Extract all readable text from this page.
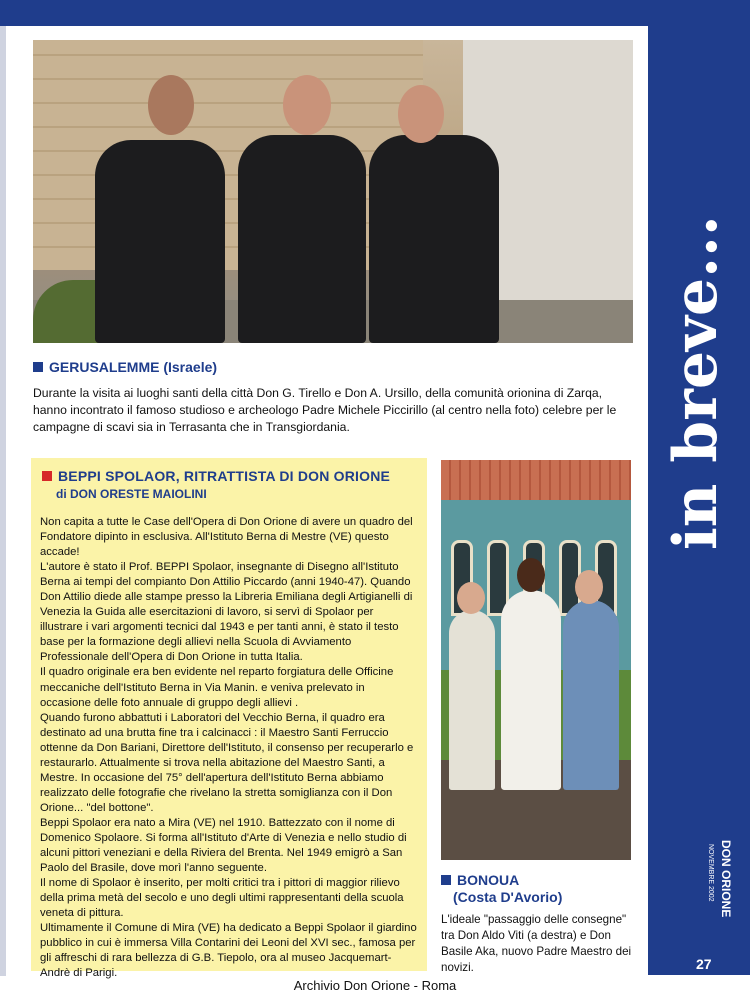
GERUSALEMME (Israele)
Durante la visita ai luoghi santi della città Don G. Tirello e Don A. Ursillo, della comunità orionina di Zarqa, hanno incontrato il famoso studioso e archeologo Padre Michele Piccirillo (al centro nella foto) celebre per le campagne di scavi sia in Terrasanta che in Transgiordania.
BEPPI SPOLAOR, RITRATTISTA DI DON ORIONE
di DON ORESTE MAIOLINI

Non capita a tutte le Case dell'Opera di Don Orione di avere un quadro del Fondatore dipinto in esclusiva. All'Istituto Berna di Mestre (VE) questo accade!

L'autore è stato il Prof. BEPPI Spolaor, insegnante di Disegno all'Istituto Berna ai tempi del compianto Don Attilio Piccardo (anni 1940-47). Quando Don Attilio diede alle stampe presso la Libreria Emiliana degli Artigianelli di Venezia la Guida alle esercitazioni di lavoro, si servì di Spolaor per illustrare i vari argomenti tecnici dal 1943 e per tanti anni, è stato il testo base per la formazione degli allievi nella Scuola di Avviamento Professionale dell'Opera di Don Orione in tutta Italia.

Il quadro originale era ben evidente nel reparto forgiatura delle Officine meccaniche dell'Istituto Berna in Via Manin. e veniva prelevato in occasione delle foto annuale di gruppo degli allievi .

Quando furono abbattuti i Laboratori del Vecchio Berna, il quadro era destinato ad una brutta fine tra i calcinacci : il Maestro Santi Ferruccio ottenne da Don Bariani, Direttore dell'Istituto, il consenso per recuperarlo e restaurarlo. Attualmente si trova nella abitazione del Maestro Santi, a Mestre. In occasione del 75° dell'apertura dell'Istituto Berna abbiamo realizzato delle fotografie che rivelano la stretta somiglianza con il Don Orione... "del bottone".

Beppi Spolaor era nato a Mira (VE) nel 1910. Battezzato con il nome di Domenico Spolaore. Si forma all'Istituto d'Arte di Venezia e nello studio di alcuni pittori veneziani e della Riviera del Brenta. Nel 1949 emigrò a San Paolo del Brasile, dove morì l'anno seguente.

Il nome di Spolaor è inserito, per molti critici tra i pittori di maggior rilievo della prima metà del secolo e uno degli ultimi rappresentanti della scuola veneta di pittura.

Ultimamente il Comune di Mira (VE) ha dedicato a Beppi Spolaor il giardino pubblico in cui è immersa Villa Contarini dei Leoni del XVI sec., famosa per gli affreschi di rara bellezza di G.B. Tiepolo, ora al museo Jacquemart-Andrè di Parigi.

BONOUA
(Costa D'Avorio)
L'ideale "passaggio delle consegne" tra Don Aldo Viti (a destra) e Don Basile Aka, nuovo Padre Maestro dei novizi.
in breve...
DON ORIONE
NOVEMBRE 2002
27
Archivio Don Orione - Roma
